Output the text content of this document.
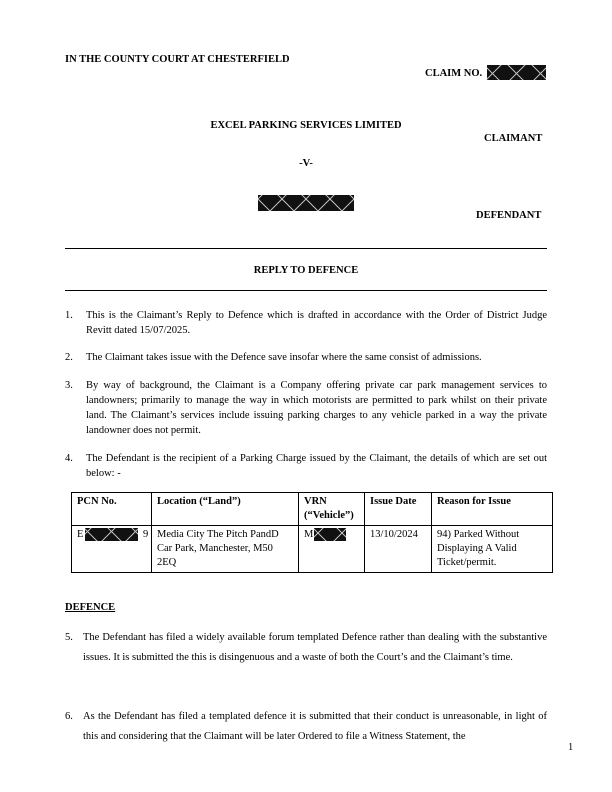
IN THE COUNTY COURT AT CHESTERFIELD
CLAIM NO.
EXCEL PARKING SERVICES LIMITED
CLAIMANT
-V-
DEFENDANT
REPLY TO DEFENCE
1. This is the Claimant’s Reply to Defence which is drafted in accordance with the Order of District Judge Revitt dated 15/07/2025.
2. The Claimant takes issue with the Defence save insofar where the same consist of admissions.
3. By way of background, the Claimant is a Company offering private car park management services to landowners; primarily to manage the way in which motorists are permitted to park whilst on their private land. The Claimant’s services include issuing parking charges to any vehicle parked in a way the private landowner does not permit.
4. The Defendant is the recipient of a Parking Charge issued by the Claimant, the details of which are set out below: -
PCN No.	Location (“Land”)	VRN (“Vehicle”)	Issue Date	Reason for Issue
E 9	Media City The Pitch PandD Car Park, Manchester, M50 2EQ	M	13/10/2024	94) Parked Without Displaying A Valid Ticket/permit.
DEFENCE
5. The Defendant has filed a widely available forum templated Defence rather than dealing with the substantive issues. It is submitted the this is disingenuous and a waste of both the Court’s and the Claimant’s time.
6. As the Defendant has filed a templated defence it is submitted that their conduct is unreasonable, in light of this and considering that the Claimant will be later Ordered to file a Witness Statement, the
1
